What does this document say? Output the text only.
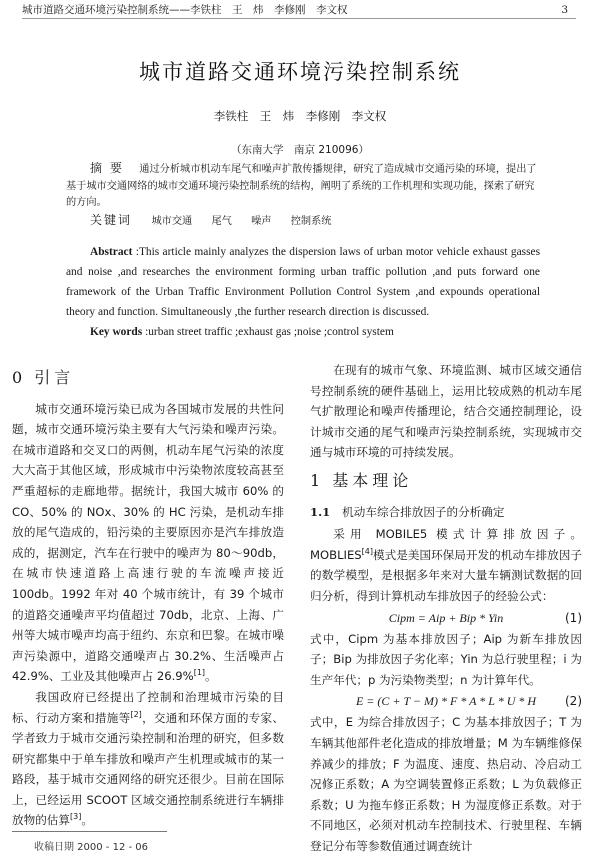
城市道路交通环境污染控制系统——李铁柱　王　炜　李修刚　李文权	3
城市道路交通环境污染控制系统
李铁柱　王　炜　李修刚　李文权
（东南大学　南京 210096）

摘要 通过分析城市机动车尾气和噪声扩散传播规律，研究了造成城市交通污染的环境，提出了基于城市交通网络的城市交通环境污染控制系统的结构，阐明了系统的工作机理和实现功能，探索了研究的方向。

关键词　 城市交通 尾气 噪声 控制系统

Abstract :This article mainly analyzes the dispersion laws of urban motor vehicle exhaust gasses and noise ,and researches the environment forming urban traffic pollution ,and puts forward one framework of the Urban Traffic Environment Pollution Control System ,and expounds operational theory and function. Simultaneously ,the further research direction is discussed.

Key words :urban street traffic ;exhaust gas ;noise ;control system

0 引言

城市交通环境污染已成为各国城市发展的共性问题，城市交通环境污染主要有大气污染和噪声污染。在城市道路和交叉口的两侧，机动车尾气污染的浓度大大高于其他区域，形成城市中污染物浓度较高甚至严重超标的走廊地带。据统计，我国大城市 60% 的 CO、50% 的 NOx、30% 的 HC 污染，是机动车排放的尾气造成的，铅污染的主要原因亦是汽车排放造成的，据测定，汽车在行驶中的噪声为 80～90db，在城市快速道路上高速行驶的车流噪声接近 100db。1992 年对 40 个城市统计，有 39 个城市的道路交通噪声平均值超过 70db，北京、上海、广州等大城市噪声均高于纽约、东京和巴黎。在城市噪声污染源中，道路交通噪声占 30.2%、生活噪声占 42.9%、工业及其他噪声占 26.9%[1]。

我国政府已经提出了控制和治理城市污染的目标、行动方案和措施等[2]，交通和环保方面的专家、学者致力于城市交通污染控制和治理的研究，但多数研究都集中于单车排放和噪声产生机理或城市的某一路段，基于城市交通网络的研究还很少。目前在国际上，已经运用 SCOOT 区域交通控制系统进行车辆排放物的估算[3]。

在现有的城市气象、环境监测、城市区域交通信号控制系统的硬件基础上，运用比较成熟的机动车尾气扩散理论和噪声传播理论，结合交通控制理论，设计城市交通的尾气和噪声污染控制系统，实现城市交通与城市环境的可持续发展。

1 基本理论
1.1 机动车综合排放因子的分析确定

采用 MOBILE5 模式计算排放因子。MOBLIES[4]模式是美国环保局开发的机动车排放因子的数学模型，是根据多年来对大量车辆测试数据的回归分析，得到计算机动车排放因子的经验公式：

Cipm = Aip + Bip * Yin	(1)

式中，Cipm 为基本排放因子；Aip 为新车排放因子；Bip 为排放因子劣化率；Yin 为总行驶里程；i 为生产年代；p 为污染物类型；n 为计算年代。

E = (C + T − M) * F * A * L * U * H (2)

式中，E 为综合排放因子；C 为基本排放因子；T 为车辆其他部件老化造成的排放增量；M 为车辆维修保养减少的排放；F 为温度、速度、热启动、冷启动工况修正系数；A 为空调装置修正系数；L 为负载修正系数；U 为拖车修正系数；H 为湿度修正系数。对于不同地区，必须对机动车控制技术、行驶里程、车辆登记分布等参数值通过调查统计

收稿日期 2000 - 12 - 06
